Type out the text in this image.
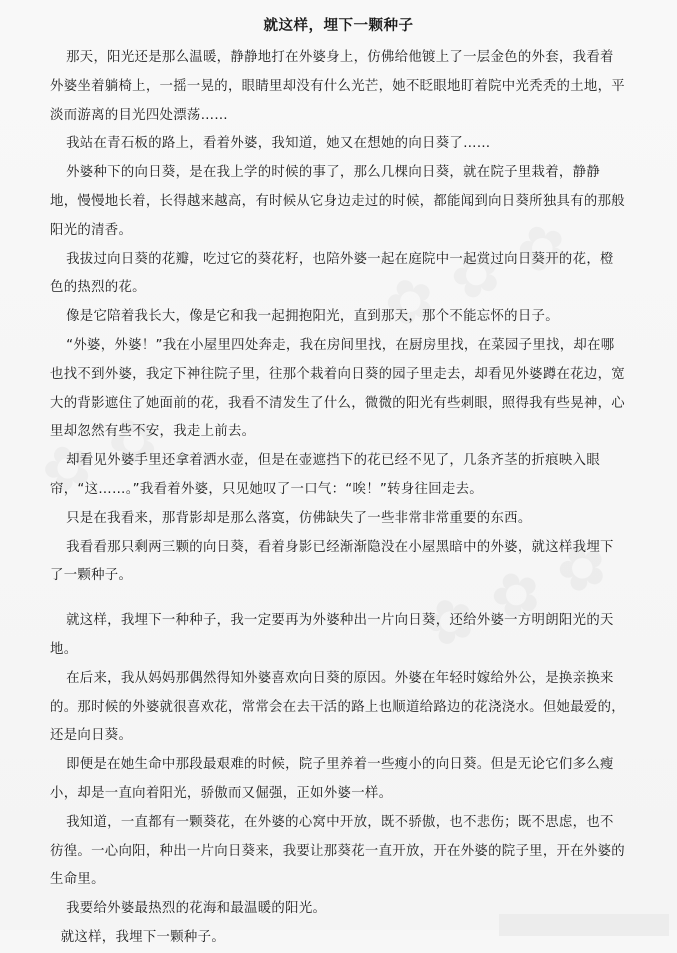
就这样，埋下一颗种子

那天，阳光还是那么温暖，静静地打在外婆身上，仿佛给他镀上了一层金色的外套，我看着外婆坐着躺椅上，一摇一晃的，眼睛里却没有什么光芒，她不眨眼地盯着院中光秃秃的土地，平淡而游离的目光四处漂荡……

我站在青石板的路上，看着外婆，我知道，她又在想她的向日葵了……

外婆种下的向日葵，是在我上学的时候的事了，那么几棵向日葵，就在院子里栽着，静静地，慢慢地长着，长得越来越高，有时候从它身边走过的时候，都能闻到向日葵所独具有的那般阳光的清香。

我拔过向日葵的花瓣，吃过它的葵花籽，也陪外婆一起在庭院中一起赏过向日葵开的花，橙色的热烈的花。

像是它陪着我长大，像是它和我一起拥抱阳光，直到那天，那个不能忘怀的日子。

“外婆，外婆！”我在小屋里四处奔走，我在房间里找，在厨房里找，在菜园子里找，却在哪也找不到外婆，我定下神往院子里，往那个栽着向日葵的园子里走去，却看见外婆蹲在花边，宽大的背影遮住了她面前的花，我看不清发生了什么，微微的阳光有些刺眼，照得我有些晃神，心里却忽然有些不安，我走上前去。

却看见外婆手里还拿着洒水壶，但是在壶遮挡下的花已经不见了，几条齐茎的折痕映入眼帘，“这……。”我看着外婆，只见她叹了一口气：“唉！”转身往回走去。

只是在我看来，那背影却是那么落寞，仿佛缺失了一些非常非常重要的东西。

我看看那只剩两三颗的向日葵，看着身影已经渐渐隐没在小屋黑暗中的外婆，就这样我埋下了一颗种子。

就这样，我埋下一种种子，我一定要再为外婆种出一片向日葵，还给外婆一方明朗阳光的天地。

在后来，我从妈妈那偶然得知外婆喜欢向日葵的原因。外婆在年轻时嫁给外公，是换亲换来的。那时候的外婆就很喜欢花，常常会在去干活的路上也顺道给路边的花浇浇水。但她最爱的，还是向日葵。

即便是在她生命中那段最艰难的时候，院子里养着一些瘦小的向日葵。但是无论它们多么瘦小，却是一直向着阳光，骄傲而又倔强，正如外婆一样。

我知道，一直都有一颗葵花，在外婆的心窝中开放，既不骄傲，也不悲伤；既不思虑，也不彷徨。一心向阳，种出一片向日葵来，我要让那葵花一直开放，开在外婆的院子里，开在外婆的生命里。

我要给外婆最热烈的花海和最温暖的阳光。

就这样，我埋下一颗种子。
